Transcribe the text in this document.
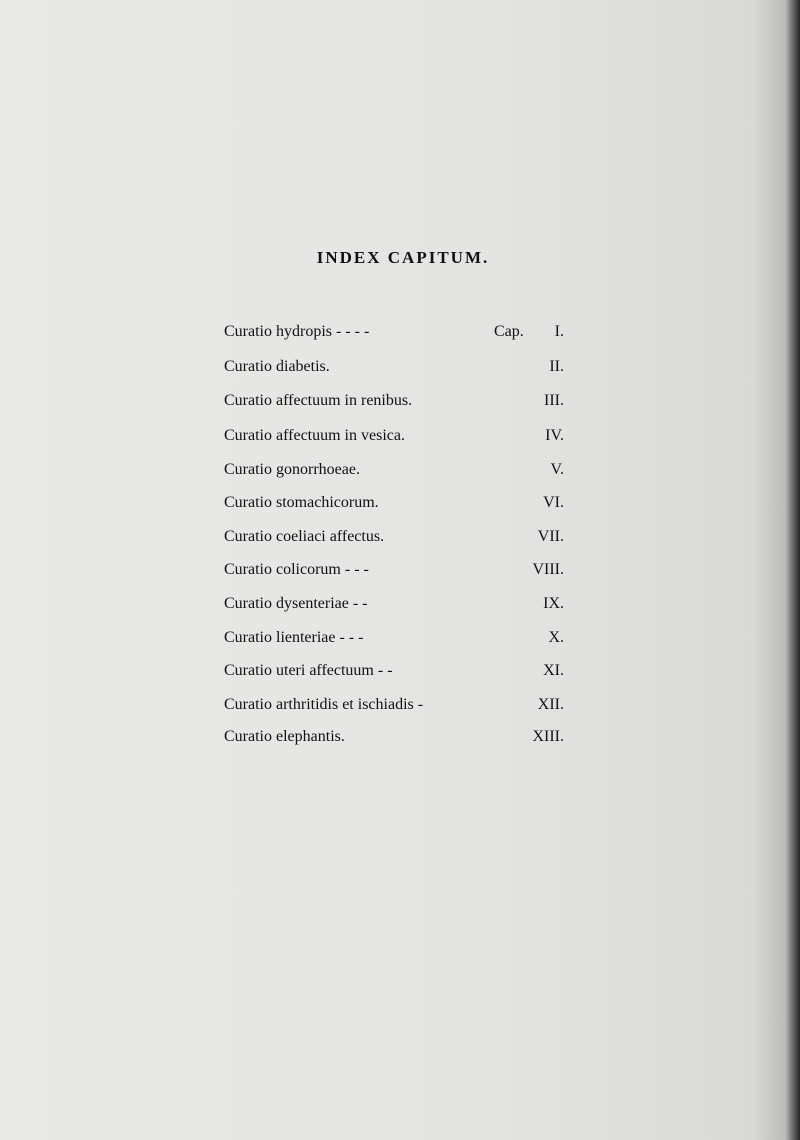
INDEX CAPITUM.
Curatio hydropis - - - -	Cap. I.
Curatio diabetis.	II.
Curatio affectuum in renibus.	III.
Curatio affectuum in vesica.	IV.
Curatio gonorrhoeae.	V.
Curatio stomachicorum.	VI.
Curatio coeliaci affectus.	VII.
Curatio colicorum - - -	VIII.
Curatio dysenteriae - -	IX.
Curatio lienteriae - - -	X.
Curatio uteri affectuum - -	XI.
Curatio arthritidis et ischiadis -	XII.
Curatio elephantis.	XIII.
